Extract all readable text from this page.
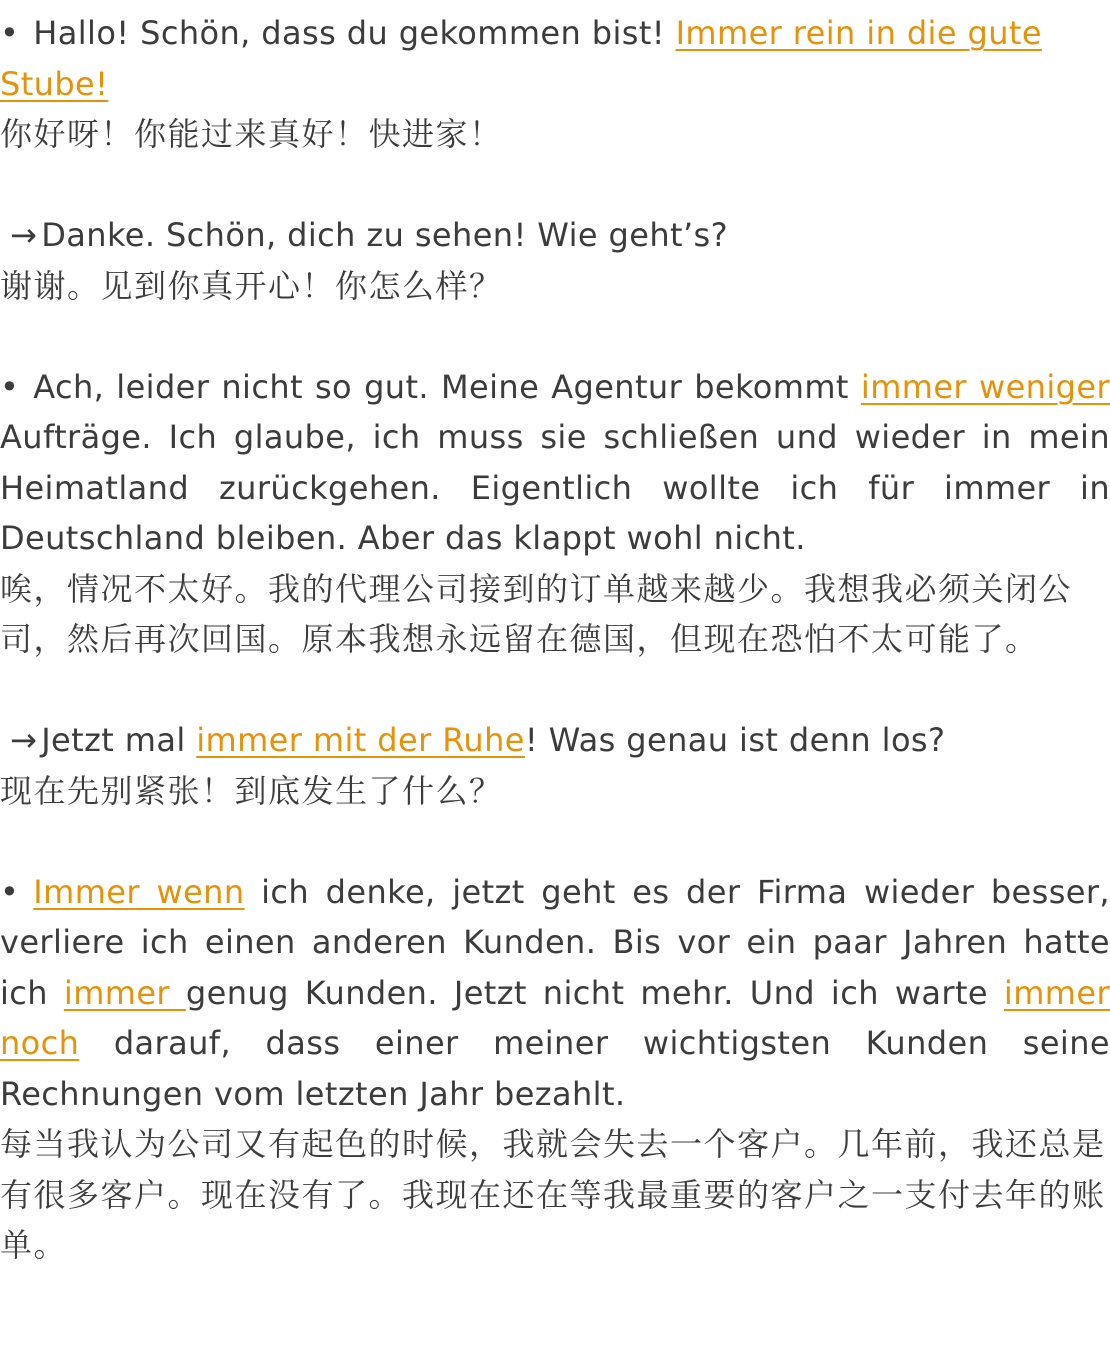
• Hallo! Schön, dass du gekommen bist! Immer rein in die gute Stube!

你好呀！你能过来真好！快进家！

→ Danke. Schön, dich zu sehen! Wie geht’s?

谢谢。见到你真开心！你怎么样？

• Ach, leider nicht so gut. Meine Agentur bekommt immer weniger Aufträge. Ich glaube, ich muss sie schließen und wieder in mein Heimatland zurückgehen. Eigentlich wollte ich für immer in Deutschland bleiben. Aber das klappt wohl nicht.

唉，情况不太好。我的代理公司接到的订单越来越少。我想我必须关闭公司，然后再次回国。原本我想永远留在德国，但现在恐怕不太可能了。

→ Jetzt mal immer mit der Ruhe! Was genau ist denn los?

现在先别紧张！到底发生了什么？

• Immer wenn ich denke, jetzt geht es der Firma wieder besser, verliere ich einen anderen Kunden. Bis vor ein paar Jahren hatte ich immer genug Kunden. Jetzt nicht mehr. Und ich warte immer noch darauf, dass einer meiner wichtigsten Kunden seine Rechnungen vom letzten Jahr bezahlt.

每当我认为公司又有起色的时候，我就会失去一个客户。几年前，我还总是有很多客户。现在没有了。我现在还在等我最重要的客户之一支付去年的账单。
